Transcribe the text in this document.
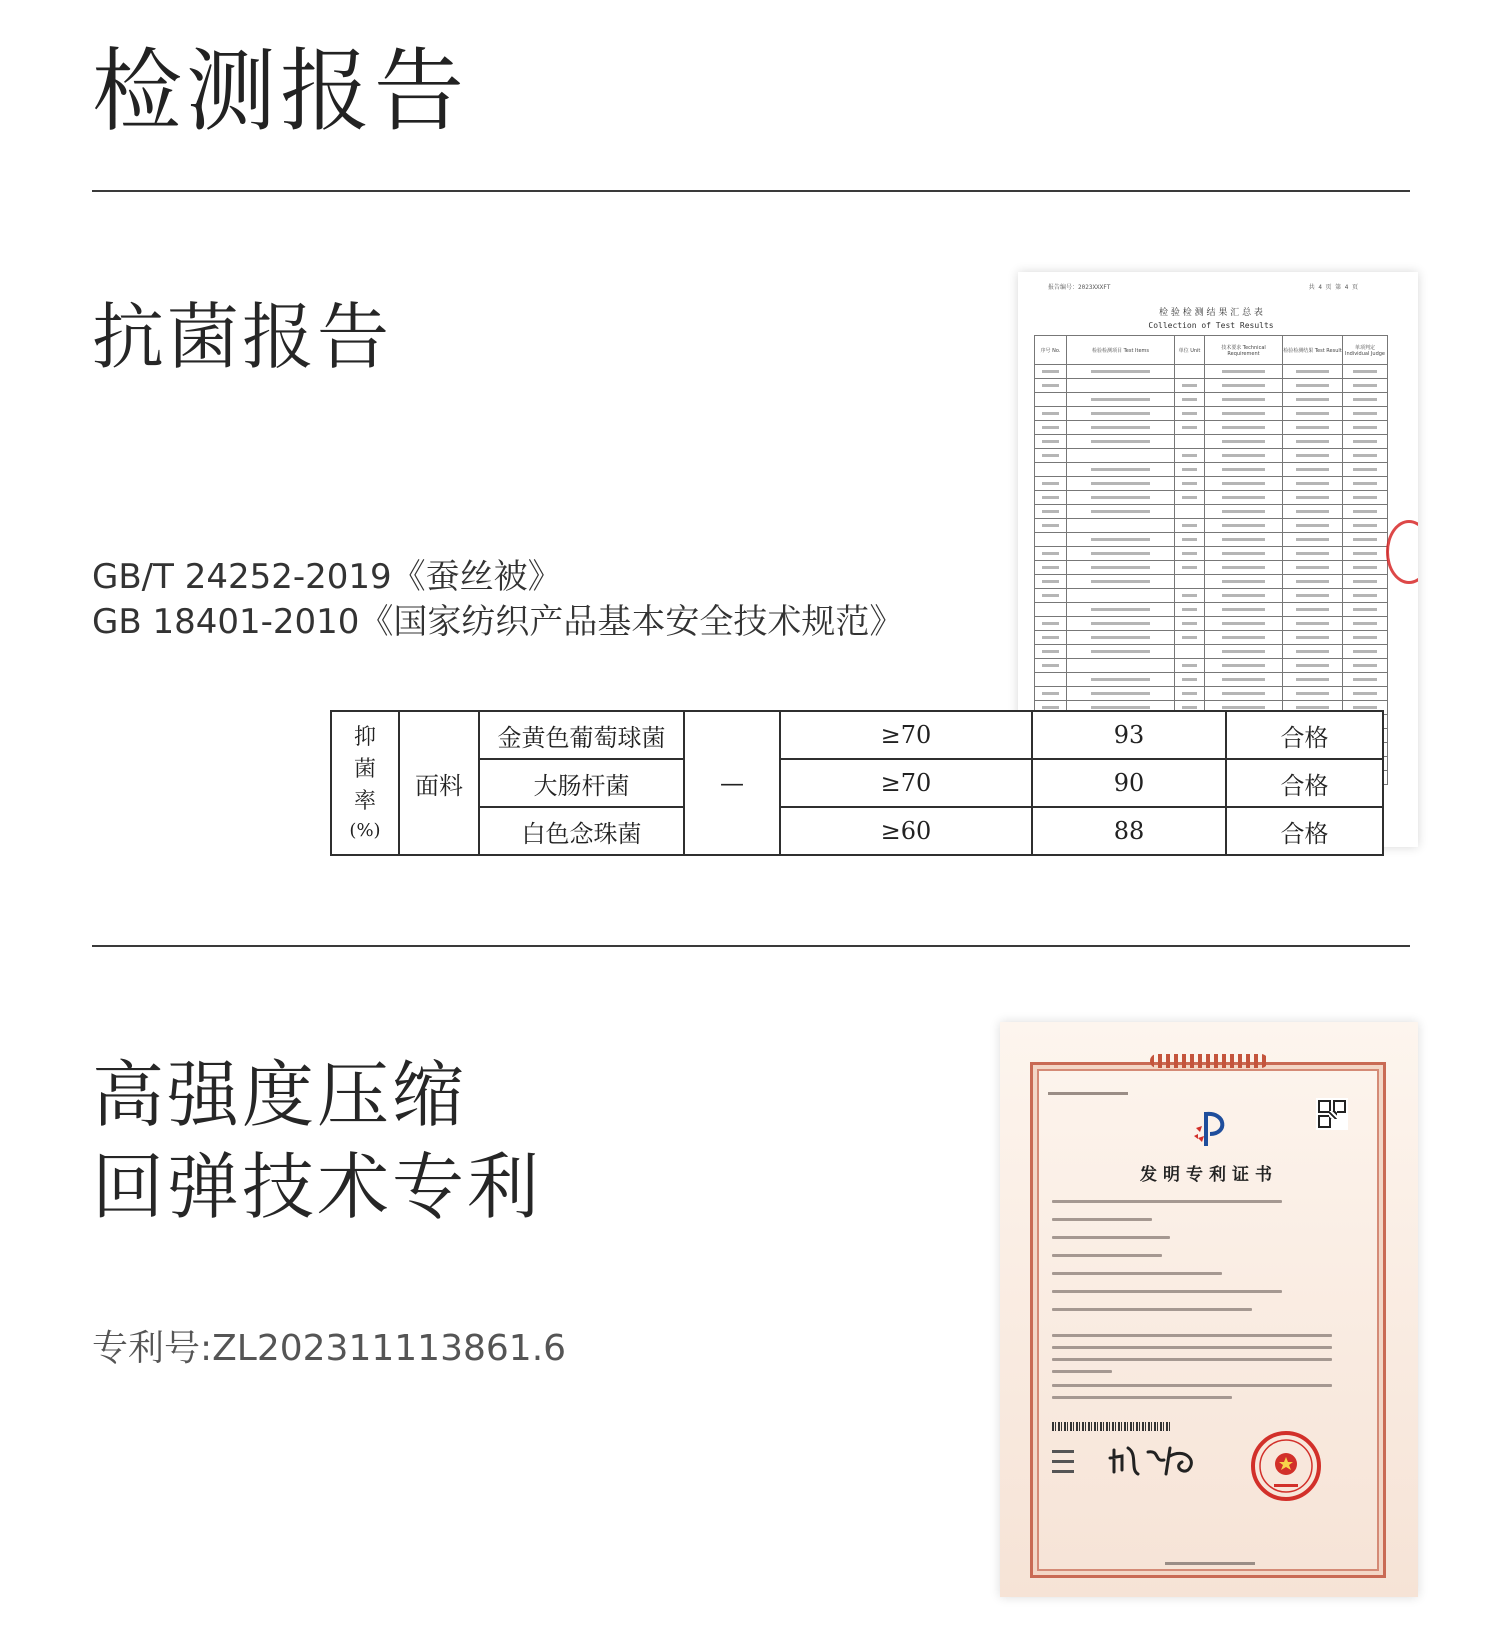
检测报告
抗菌报告
GB/T 24252-2019《蚕丝被》
GB 18401-2010《国家纺织产品基本安全技术规范》
报告编号：2023XXXFT	共 4 页 第 4 页
检 验 检 测 结 果 汇 总 表
Collection of Test Results
序号 No.	检验检测项目 Test Items	单位 Unit	技术要求 Technical Requirement	检验检测结果 Test Result	单项判定 Individual Judge

抑
菌
率
(%)	面料	金黄色葡萄球菌	—	≥70	93	合格
		大肠杆菌		≥70	90	合格
		白色念珠菌		≥60	88	合格
高强度压缩
回弹技术专利
专利号:ZL202311113861.6
发明专利证书
